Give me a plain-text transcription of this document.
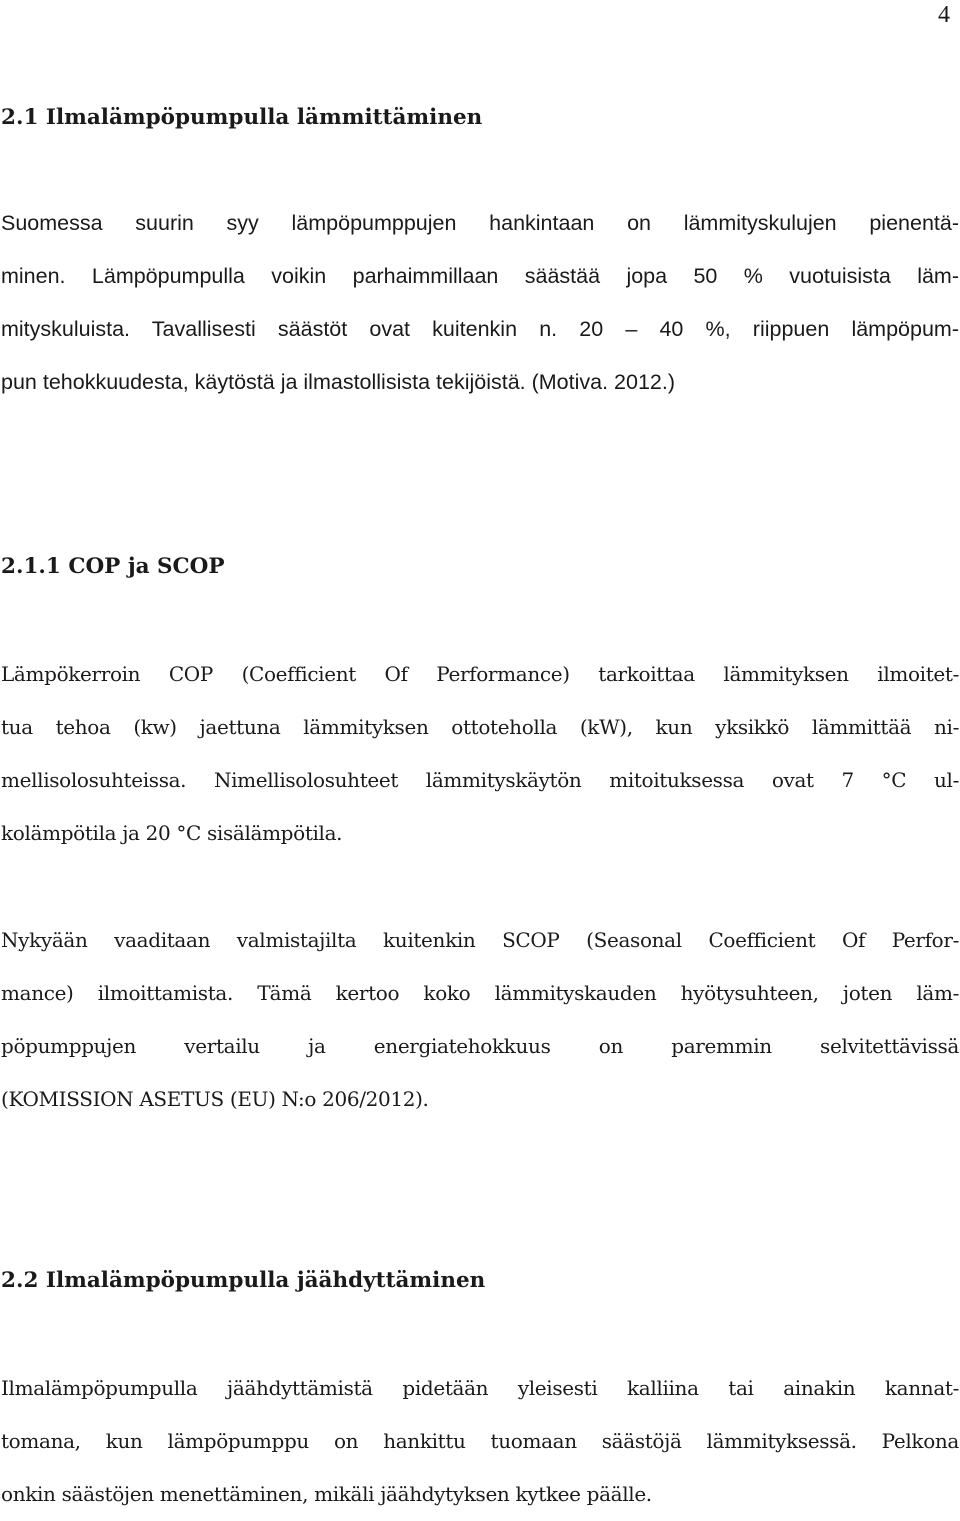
4
2.1 Ilmalämpöpumpulla lämmittäminen
Suomessa suurin syy lämpöpumppujen hankintaan on lämmityskulujen pienentä-
minen. Lämpöpumpulla voikin parhaimmillaan säästää jopa 50 % vuotuisista läm-
mityskuluista. Tavallisesti säästöt ovat kuitenkin n. 20 – 40 %, riippuen lämpöpum-
pun tehokkuudesta, käytöstä ja ilmastollisista tekijöistä. (Motiva. 2012.)
2.1.1 COP ja SCOP
Lämpökerroin COP (Coefficient Of Performance) tarkoittaa lämmityksen ilmoitet-
tua tehoa (kw) jaettuna lämmityksen ottoteholla (kW), kun yksikkö lämmittää ni-
mellisolosuhteissa. Nimellisolosuhteet lämmityskäytön mitoituksessa ovat 7 °C ul-
kolämpötila ja 20 °C sisälämpötila.
Nykyään vaaditaan valmistajilta kuitenkin SCOP (Seasonal Coefficient Of Perfor-
mance) ilmoittamista. Tämä kertoo koko lämmityskauden hyötysuhteen, joten läm-
pöpumppujen vertailu ja energiatehokkuus on paremmin selvitettävissä
(KOMISSION ASETUS (EU) N:o 206/2012).
2.2 Ilmalämpöpumpulla jäähdyttäminen
Ilmalämpöpumpulla jäähdyttämistä pidetään yleisesti kalliina tai ainakin kannat-
tomana, kun lämpöpumppu on hankittu tuomaan säästöjä lämmityksessä. Pelkona
onkin säästöjen menettäminen, mikäli jäähdytyksen kytkee päälle.
